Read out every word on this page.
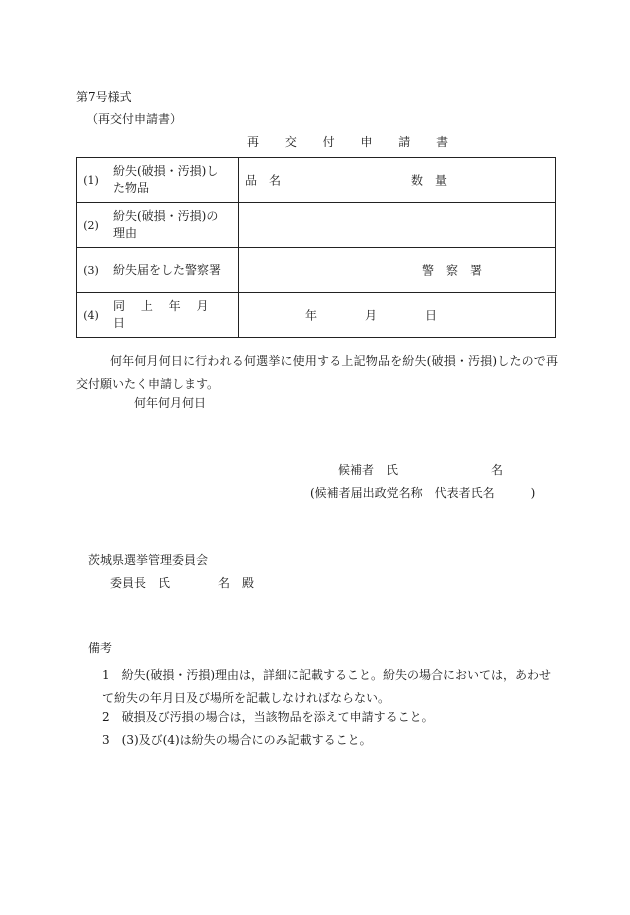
第7号様式
（再交付申請書）
再 交 付 申 請 書
(1)	紛失(破損・汚損)した物品	品　名 数　量

(2)	紛失(破損・汚損)の理由	

(3)	紛失届をした警察署	警　察　署

(4)	同 上 年 月 日	年 月 日
何年何月何日に行われる何選挙に使用する上記物品を紛失(破損・汚損)したので再交付願いたく申請します。
何年何月何日
候補者　氏	名
(候補者届出政党名称　代表者氏名　　　)
茨城県選挙管理委員会
委員長　氏　　　　名　殿
備考
1　紛失(破損・汚損)理由は，詳細に記載すること。紛失の場合においては，あわせて紛失の年月日及び場所を記載しなければならない。
2　破損及び汚損の場合は，当該物品を添えて申請すること。
3　(3)及び(4)は紛失の場合にのみ記載すること。
